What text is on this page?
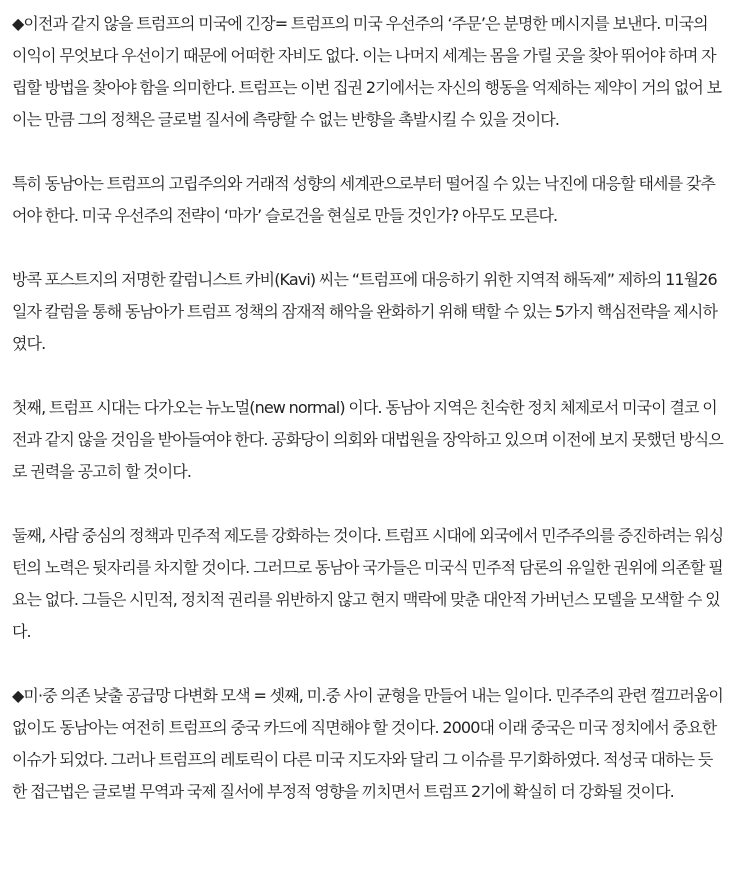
◆이전과 같지 않을 트럼프의 미국에 긴장= 트럼프의 미국 우선주의 ‘주문’은 분명한 메시지를 보낸다. 미국의 이익이 무엇보다 우선이기 때문에 어떠한 자비도 없다. 이는 나머지 세계는 몸을 가릴 곳을 찾아 뛰어야 하며 자립할 방법을 찾아야 함을 의미한다. 트럼프는 이번 집권 2기에서는 자신의 행동을 억제하는 제약이 거의 없어 보이는 만큼 그의 정책은 글로벌 질서에 측량할 수 없는 반향을 촉발시킬 수 있을 것이다.

특히 동남아는 트럼프의 고립주의와 거래적 성향의 세계관으로부터 떨어질 수 있는 낙진에 대응할 태세를 갖추어야 한다. 미국 우선주의 전략이 ‘마가’ 슬로건을 현실로 만들 것인가? 아무도 모른다.

방콕 포스트지의 저명한 칼럼니스트 카비(Kavi) 씨는 “트럼프에 대응하기 위한 지역적 해독제” 제하의 11월26일자 칼럼을 통해 동남아가 트럼프 정책의 잠재적 해악을 완화하기 위해 택할 수 있는 5가지 핵심전략을 제시하였다.

첫째, 트럼프 시대는 다가오는 뉴노멀(new normal) 이다. 동남아 지역은 친숙한 정치 체제로서 미국이 결코 이전과 같지 않을 것임을 받아들여야 한다. 공화당이 의회와 대법원을 장악하고 있으며 이전에 보지 못했던 방식으로 권력을 공고히 할 것이다.

둘째, 사람 중심의 정책과 민주적 제도를 강화하는 것이다. 트럼프 시대에 외국에서 민주주의를 증진하려는 워싱턴의 노력은 뒷자리를 차지할 것이다. 그러므로 동남아 국가들은 미국식 민주적 담론의 유일한 권위에 의존할 필요는 없다. 그들은 시민적, 정치적 권리를 위반하지 않고 현지 맥락에 맞춘 대안적 가버넌스 모델을 모색할 수 있다.

◆미·중 의존 낮출 공급망 다변화 모색 = 셋째, 미.중 사이 균형을 만들어 내는 일이다. 민주주의 관련 껄끄러움이 없이도 동남아는 여전히 트럼프의 중국 카드에 직면해야 할 것이다. 2000대 이래 중국은 미국 정치에서 중요한 이슈가 되었다. 그러나 트럼프의 레토릭이 다른 미국 지도자와 달리 그 이슈를 무기화하였다. 적성국 대하는 듯한 접근법은 글로벌 무역과 국제 질서에 부정적 영향을 끼치면서 트럼프 2기에 확실히 더 강화될 것이다.
